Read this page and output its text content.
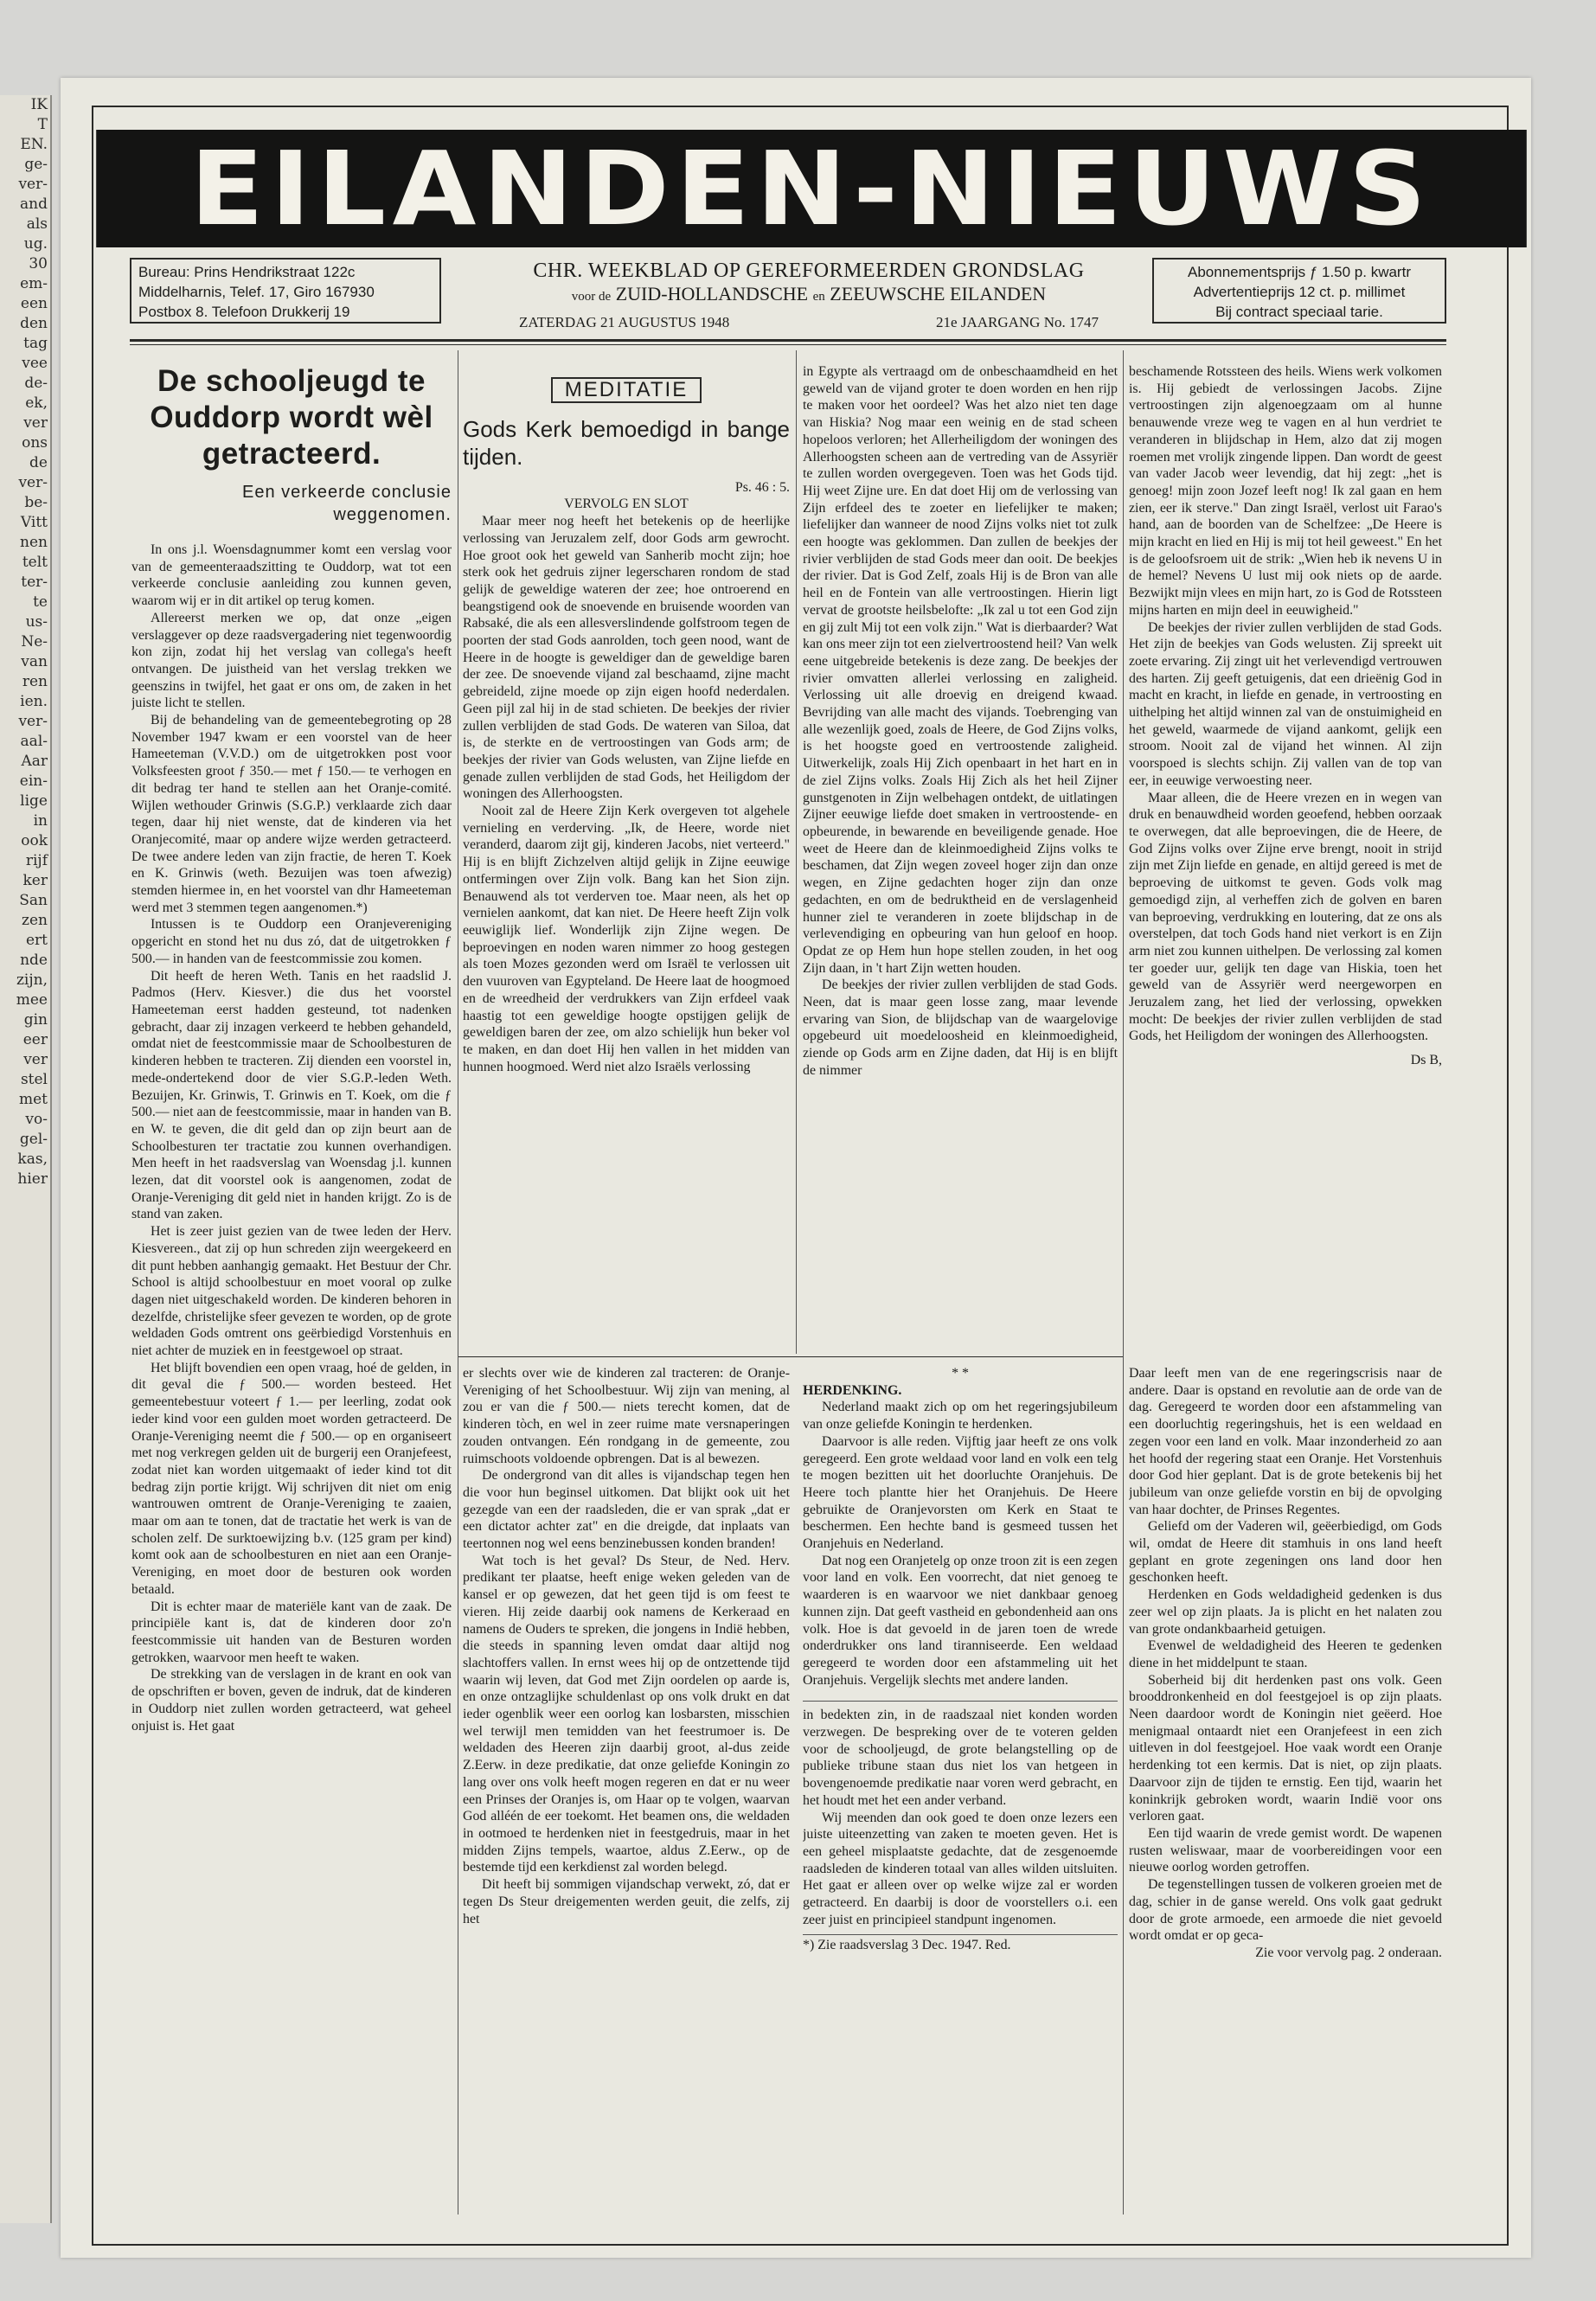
IK
T
EN.
ge-
ver-
and
als
ug.
30
em-
een
den
tag
vee
de-
ek,
ver
ons
de
ver-
be-
Vitt
nen
telt
ter-
te
us-
Ne-
van
ren
ien.
ver-
aal-
Aar
ein-
lige
in
ook
rijf
ker
San
zen
ert
nde
zijn,
mee
gin
eer
ver
stel
met
vo-
gel-
kas,
hier
EILANDEN-NIEUWS
Bureau: Prins Hendrikstraat 122c
Middelharnis, Telef. 17, Giro 167930
Postbox 8. Telefoon Drukkerij 19
CHR. WEEKBLAD OP GEREFORMEERDEN GRONDSLAG
voor de ZUID-HOLLANDSCHE en ZEEUWSCHE EILANDEN
ZATERDAG 21 AUGUSTUS 1948	21e JAARGANG No. 1747
Abonnementsprijs ƒ 1.50 p. kwartr
Advertentieprijs 12 ct. p. millimet
Bij contract speciaal tarie.
De schooljeugd te Ouddorp wordt wèl getracteerd.
Een verkeerde conclusie weggenomen.

In ons j.l. Woensdagnummer komt een verslag voor van de gemeenteraadszitting te Ouddorp, wat tot een verkeerde conclusie aanleiding zou kunnen geven, waarom wij er in dit artikel op terug komen.

Allereerst merken we op, dat onze „eigen verslaggever op deze raadsvergadering niet tegenwoordig kon zijn, zodat hij het verslag van collega's heeft ontvangen. De juistheid van het verslag trekken we geenszins in twijfel, het gaat er ons om, de zaken in het juiste licht te stellen.

Bij de behandeling van de gemeentebegroting op 28 November 1947 kwam er een voorstel van de heer Hameeteman (V.V.D.) om de uitgetrokken post voor Volksfeesten groot ƒ 350.— met ƒ 150.— te verhogen en dit bedrag ter hand te stellen aan het Oranje-comité. Wijlen wethouder Grinwis (S.G.P.) verklaarde zich daar tegen, daar hij niet wenste, dat de kinderen via het Oranjecomité, maar op andere wijze werden getracteerd. De twee andere leden van zijn fractie, de heren T. Koek en K. Grinwis (weth. Bezuijen was toen afwezig) stemden hiermee in, en het voorstel van dhr Hameeteman werd met 3 stemmen tegen aangenomen.*)

Intussen is te Ouddorp een Oranjevereniging opgericht en stond het nu dus zó, dat de uitgetrokken ƒ 500.— in handen van de feestcommissie zou komen.

Dit heeft de heren Weth. Tanis en het raadslid J. Padmos (Herv. Kiesver.) die dus het voorstel Hameeteman eerst hadden gesteund, tot nadenken gebracht, daar zij inzagen verkeerd te hebben gehandeld, omdat niet de feestcommissie maar de Schoolbesturen de kinderen hebben te tracteren. Zij dienden een voorstel in, mede-ondertekend door de vier S.G.P.-leden Weth. Bezuijen, Kr. Grinwis, T. Grinwis en T. Koek, om die ƒ 500.— niet aan de feestcommissie, maar in handen van B. en W. te geven, die dit geld dan op zijn beurt aan de Schoolbesturen ter tractatie zou kunnen overhandigen. Men heeft in het raadsverslag van Woensdag j.l. kunnen lezen, dat dit voorstel ook is aangenomen, zodat de Oranje-Vereniging dit geld niet in handen krijgt. Zo is de stand van zaken.

Het is zeer juist gezien van de twee leden der Herv. Kiesvereen., dat zij op hun schreden zijn weergekeerd en dit punt hebben aanhangig gemaakt. Het Bestuur der Chr. School is altijd schoolbestuur en moet vooral op zulke dagen niet uitgeschakeld worden. De kinderen behoren in dezelfde, christelijke sfeer gevezen te worden, op de grote weldaden Gods omtrent ons geërbiedigd Vorstenhuis en niet achter de muziek en in feestgewoel op straat.

Het blijft bovendien een open vraag, hoé de gelden, in dit geval die ƒ 500.— worden besteed. Het gemeentebestuur voteert ƒ 1.— per leerling, zodat ook ieder kind voor een gulden moet worden getracteerd. De Oranje-Vereniging neemt die ƒ 500.— op en organiseert met nog verkregen gelden uit de burgerij een Oranjefeest, zodat niet kan worden uitgemaakt of ieder kind tot dit bedrag zijn portie krijgt. Wij schrijven dit niet om enig wantrouwen omtrent de Oranje-Vereniging te zaaien, maar om aan te tonen, dat de tractatie het werk is van de scholen zelf. De surktoewijzing b.v. (125 gram per kind) komt ook aan de schoolbesturen en niet aan een Oranje-Vereniging, en moet door de besturen ook worden betaald.

Dit is echter maar de materiële kant van de zaak. De principiële kant is, dat de kinderen door zo'n feestcommissie uit handen van de Besturen worden getrokken, waarvoor men heeft te waken.

De strekking van de verslagen in de krant en ook van de opschriften er boven, geven de indruk, dat de kinderen in Ouddorp niet zullen worden getracteerd, wat geheel onjuist is. Het gaat

MEDITATIE
Gods Kerk bemoedigd in bange tijden.

Ps. 46 : 5.

VERVOLG EN SLOT

Maar meer nog heeft het betekenis op de heerlijke verlossing van Jeruzalem zelf, door Gods arm gewrocht. Hoe groot ook het geweld van Sanherib mocht zijn; hoe sterk ook het gedruis zijner legerscharen rondom de stad gelijk de geweldige wateren der zee; hoe ontroerend en beangstigend ook de snoevende en bruisende woorden van Rabsaké, die als een allesverslindende golfstroom tegen de poorten der stad Gods aanrolden, toch geen nood, want de Heere in de hoogte is geweldiger dan de geweldige baren der zee. De snoevende vijand zal beschaamd, zijne macht gebreideld, zijne moede op zijn eigen hoofd nederdalen. Geen pijl zal hij in de stad schieten. De beekjes der rivier zullen verblijden de stad Gods. De wateren van Siloa, dat is, de sterkte en de vertroostingen van Gods arm; de beekjes der rivier van Gods welusten, van Zijne liefde en genade zullen verblijden de stad Gods, het Heiligdom der woningen des Allerhoogsten.

Nooit zal de Heere Zijn Kerk overgeven tot algehele vernieling en verderving. „Ik, de Heere, worde niet veranderd, daarom zijt gij, kinderen Jacobs, niet verteerd." Hij is en blijft Zichzelven altijd gelijk in Zijne eeuwige ontfermingen over Zijn volk. Bang kan het Sion zijn. Benauwend als tot verderven toe. Maar neen, als het op vernielen aankomt, dat kan niet. De Heere heeft Zijn volk eeuwiglijk lief. Wonderlijk zijn Zijne wegen. De beproevingen en noden waren nimmer zo hoog gestegen als toen Mozes gezonden werd om Israël te verlossen uit den vuuroven van Egypteland. De Heere laat de hoogmoed en de wreedheid der verdrukkers van Zijn erfdeel vaak haastig tot een geweldige hoogte opstijgen gelijk de geweldigen baren der zee, om alzo schielijk hun beker vol te maken, en dan doet Hij hen vallen in het midden van hunnen hoogmoed. Werd niet alzo Israëls verlossing

in Egypte als vertraagd om de onbeschaamdheid en het geweld van de vijand groter te doen worden en hen rijp te maken voor het oordeel? Was het alzo niet ten dage van Hiskia? Nog maar een weinig en de stad scheen hopeloos verloren; het Allerheiligdom der woningen des Allerhoogsten scheen aan de vertreding van de Assyriër te zullen worden overgegeven. Toen was het Gods tijd. Hij weet Zijne ure. En dat doet Hij om de verlossing van Zijn erfdeel des te zoeter en liefelijker te maken; liefelijker dan wanneer de nood Zijns volks niet tot zulk een hoogte was geklommen. Dan zullen de beekjes der rivier verblijden de stad Gods meer dan ooit. De beekjes der rivier. Dat is God Zelf, zoals Hij is de Bron van alle heil en de Fontein van alle vertroostingen. Hierin ligt vervat de grootste heilsbelofte: „Ik zal u tot een God zijn en gij zult Mij tot een volk zijn." Wat is dierbaarder? Wat kan ons meer zijn tot een zielvertroostend heil? Van welk eene uitgebreide betekenis is deze zang. De beekjes der rivier omvatten allerlei verlossing en zaligheid. Verlossing uit alle droevig en dreigend kwaad. Bevrijding van alle macht des vijands. Toebrenging van alle wezenlijk goed, zoals de Heere, de God Zijns volks, is het hoogste goed en vertroostende zaligheid. Uitwerkelijk, zoals Hij Zich openbaart in het hart en in de ziel Zijns volks. Zoals Hij Zich als het heil Zijner gunstgenoten in Zijn welbehagen ontdekt, de uitlatingen Zijner eeuwige liefde doet smaken in vertroostende- en opbeurende, in bewarende en beveiligende genade. Hoe weet de Heere dan de kleinmoedigheid Zijns volks te beschamen, dat Zijn wegen zoveel hoger zijn dan onze wegen, en Zijne gedachten hoger zijn dan onze gedachten, en om de bedruktheid en de verslagenheid hunner ziel te veranderen in zoete blijdschap in de verlevendiging en opbeuring van hun geloof en hoop. Opdat ze op Hem hun hope stellen zouden, in het oog Zijn daan, in 't hart Zijn wetten houden.

De beekjes der rivier zullen verblijden de stad Gods. Neen, dat is maar geen losse zang, maar levende ervaring van Sion, de blijdschap van de waargelovige opgebeurd uit moedeloosheid en kleinmoedigheid, ziende op Gods arm en Zijne daden, dat Hij is en blijft de nimmer

beschamende Rotssteen des heils. Wiens werk volkomen is. Hij gebiedt de verlossingen Jacobs. Zijne vertroostingen zijn algenoegzaam om al hunne benauwende vreze weg te vagen en al hun verdriet te veranderen in blijdschap in Hem, alzo dat zij mogen roemen met vrolijk zingende lippen. Dan wordt de geest van vader Jacob weer levendig, dat hij zegt: „het is genoeg! mijn zoon Jozef leeft nog! Ik zal gaan en hem zien, eer ik sterve." Dan zingt Israël, verlost uit Farao's hand, aan de boorden van de Schelfzee: „De Heere is mijn kracht en lied en Hij is mij tot heil geweest." En het is de geloofsroem uit de strik: „Wien heb ik nevens U in de hemel? Nevens U lust mij ook niets op de aarde. Bezwijkt mijn vlees en mijn hart, zo is God de Rotssteen mijns harten en mijn deel in eeuwigheid."

De beekjes der rivier zullen verblijden de stad Gods. Het zijn de beekjes van Gods welusten. Zij spreekt uit zoete ervaring. Zij zingt uit het verlevendigd vertrouwen des harten. Zij geeft getuigenis, dat een drieënig God in macht en kracht, in liefde en genade, in vertroosting en uithelping het altijd winnen zal van de onstuimigheid en het geweld, waarmede de vijand aankomt, gelijk een stroom. Nooit zal de vijand het winnen. Al zijn voorspoed is slechts schijn. Zij vallen van de top van eer, in eeuwige verwoesting neer.

Maar alleen, die de Heere vrezen en in wegen van druk en benauwdheid worden geoefend, hebben oorzaak te overwegen, dat alle beproevingen, die de Heere, de God Zijns volks over Zijne erve brengt, nooit in strijd zijn met Zijn liefde en genade, en altijd gereed is met de beproeving de uitkomst te geven. Gods volk mag gemoedigd zijn, al verheffen zich de golven en baren van beproeving, verdrukking en loutering, dat ze ons als overstelpen, dat toch Gods hand niet verkort is en Zijn arm niet zou kunnen uithelpen. De verlossing zal komen ter goeder uur, gelijk ten dage van Hiskia, toen het geweld van de Assyriër werd neergeworpen en Jeruzalem zang, het lied der verlossing, opwekken mocht: De beekjes der rivier zullen verblijden de stad Gods, het Heiligdom der woningen des Allerhoogsten.

Ds B,

er slechts over wie de kinderen zal tracteren: de Oranje-Vereniging of het Schoolbestuur. Wij zijn van mening, al zou er van die ƒ 500.— niets terecht komen, dat de kinderen tòch, en wel in zeer ruime mate versnaperingen zouden ontvangen. Eén rondgang in de gemeente, zou ruimschoots voldoende opbrengen. Dat is al bewezen.

De ondergrond van dit alles is vijandschap tegen hen die voor hun beginsel uitkomen. Dat blijkt ook uit het gezegde van een der raadsleden, die er van sprak „dat er een dictator achter zat" en die dreigde, dat inplaats van teertonnen nog wel eens benzinebussen konden branden!

Wat toch is het geval? Ds Steur, de Ned. Herv. predikant ter plaatse, heeft enige weken geleden van de kansel er op gewezen, dat het geen tijd is om feest te vieren. Hij zeide daarbij ook namens de Kerkeraad en namens de Ouders te spreken, die jongens in Indië hebben, die steeds in spanning leven omdat daar altijd nog slachtoffers vallen. In ernst wees hij op de ontzettende tijd waarin wij leven, dat God met Zijn oordelen op aarde is, en onze ontzaglijke schuldenlast op ons volk drukt en dat ieder ogenblik weer een oorlog kan losbarsten, misschien wel terwijl men temidden van het feestrumoer is. De weldaden des Heeren zijn daarbij groot, al-dus zeide Z.Eerw. in deze predikatie, dat onze geliefde Koningin zo lang over ons volk heeft mogen regeren en dat er nu weer een Prinses der Oranjes is, om Haar op te volgen, waarvan God alléén de eer toekomt. Het beamen ons, die weldaden in ootmoed te herdenken niet in feestgedruis, maar in het midden Zijns tempels, waartoe, aldus Z.Eerw., op de bestemde tijd een kerkdienst zal worden belegd.

Dit heeft bij sommigen vijandschap verwekt, zó, dat er tegen Ds Steur dreigementen werden geuit, die zelfs, zij het

* *

HERDENKING.

Nederland maakt zich op om het regeringsjubileum van onze geliefde Koningin te herdenken.

Daarvoor is alle reden. Vijftig jaar heeft ze ons volk geregeerd. Een grote weldaad voor land en volk een telg te mogen bezitten uit het doorluchte Oranjehuis. De Heere toch plantte hier het Oranjehuis. De Heere gebruikte de Oranjevorsten om Kerk en Staat te beschermen. Een hechte band is gesmeed tussen het Oranjehuis en Nederland.

Dat nog een Oranjetelg op onze troon zit is een zegen voor land en volk. Een voorrecht, dat niet genoeg te waarderen is en waarvoor we niet dankbaar genoeg kunnen zijn. Dat geeft vastheid en gebondenheid aan ons volk. Hoe is dat gevoeld in de jaren toen de wrede onderdrukker ons land tiranniseerde. Een weldaad geregeerd te worden door een afstammeling uit het Oranjehuis. Vergelijk slechts met andere landen.

in bedekten zin, in de raadszaal niet konden worden verzwegen. De bespreking over de te voteren gelden voor de schooljeugd, de grote belangstelling op de publieke tribune staan dus niet los van hetgeen in bovengenoemde predikatie naar voren werd gebracht, en het houdt met het een ander verband.

Wij meenden dan ook goed te doen onze lezers een juiste uiteenzetting van zaken te moeten geven. Het is een geheel misplaatste gedachte, dat de zesgenoemde raadsleden de kinderen totaal van alles wilden uitsluiten. Het gaat er alleen over op welke wijze zal er worden getracteerd. En daarbij is door de voorstellers o.i. een zeer juist en principieel standpunt ingenomen.

*) Zie raadsverslag 3 Dec. 1947. Red.

Daar leeft men van de ene regeringscrisis naar de andere. Daar is opstand en revolutie aan de orde van de dag. Geregeerd te worden door een afstammeling van een doorluchtig regeringshuis, het is een weldaad en zegen voor een land en volk. Maar inzonderheid zo aan het hoofd der regering staat een Oranje. Het Vorstenhuis door God hier geplant. Dat is de grote betekenis bij het jubileum van onze geliefde vorstin en bij de opvolging van haar dochter, de Prinses Regentes.

Geliefd om der Vaderen wil, geëerbiedigd, om Gods wil, omdat de Heere dit stamhuis in ons land heeft geplant en grote zegeningen ons land door hen geschonken heeft.

Herdenken en Gods weldadigheid gedenken is dus zeer wel op zijn plaats. Ja is plicht en het nalaten zou van grote ondankbaarheid getuigen.

Evenwel de weldadigheid des Heeren te gedenken diene in het middelpunt te staan.

Soberheid bij dit herdenken past ons volk. Geen brooddronkenheid en dol feestgejoel is op zijn plaats. Neen daardoor wordt de Koningin niet geëerd. Hoe menigmaal ontaardt niet een Oranjefeest in een zich uitleven in dol feestgejoel. Hoe vaak wordt een Oranje herdenking tot een kermis. Dat is niet, op zijn plaats. Daarvoor zijn de tijden te ernstig. Een tijd, waarin het koninkrijk gebroken wordt, waarin Indië voor ons verloren gaat.

Een tijd waarin de vrede gemist wordt. De wapenen rusten weliswaar, maar de voorbereidingen voor een nieuwe oorlog worden getroffen.

De tegenstellingen tussen de volkeren groeien met de dag, schier in de ganse wereld. Ons volk gaat gedrukt door de grote armoede, een armoede die niet gevoeld wordt omdat er op geca-

Zie voor vervolg pag. 2 onderaan.
